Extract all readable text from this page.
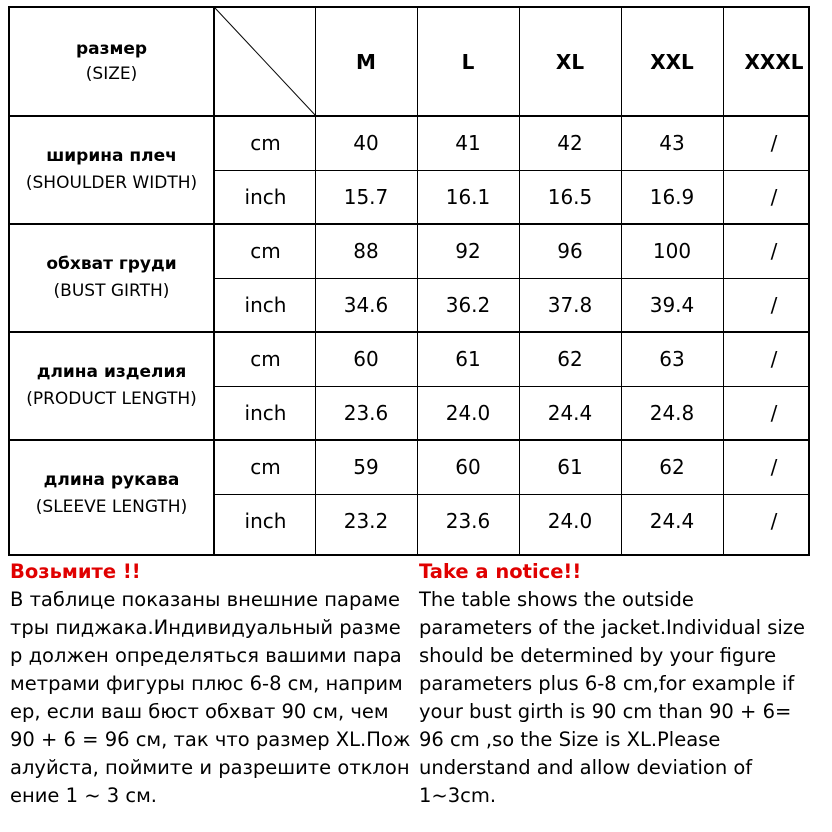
размер
(SIZE)	M	L	XL	XXL	XXXL
ширина плеч
(SHOULDER WIDTH)
cm	40	41	42	43	/
inch	15.7	16.1	16.5	16.9	/
обхват груди
(BUST GIRTH)
cm	88	92	96	100	/
inch	34.6	36.2	37.8	39.4	/
длина изделия
(PRODUCT LENGTH)
cm	60	61	62	63	/
inch	23.6	24.0	24.4	24.8	/
длина рукава
(SLEEVE LENGTH)
cm	59	60	61	62	/
inch	23.2	23.6	24.0	24.4	/
Возьмите !!
В таблице показаны внешние параме
тры пиджака.Индивидуальный разме
р должен определяться вашими пара
метрами фигуры плюс 6-8 см, наприм
ер, если ваш бюст обхват 90 см, чем
90 + 6 = 96 см, так что размер XL.Пож
алуйста, поймите и разрешите отклон
ение 1 ~ 3 см.
Take a notice!!
The table shows the outside
parameters of the jacket.Individual size
should be determined by your figure
parameters plus 6-8 cm,for example if
your bust girth is 90 cm than 90 + 6=
96 cm ,so the Size is XL.Please
understand and allow deviation of
1~3cm.
